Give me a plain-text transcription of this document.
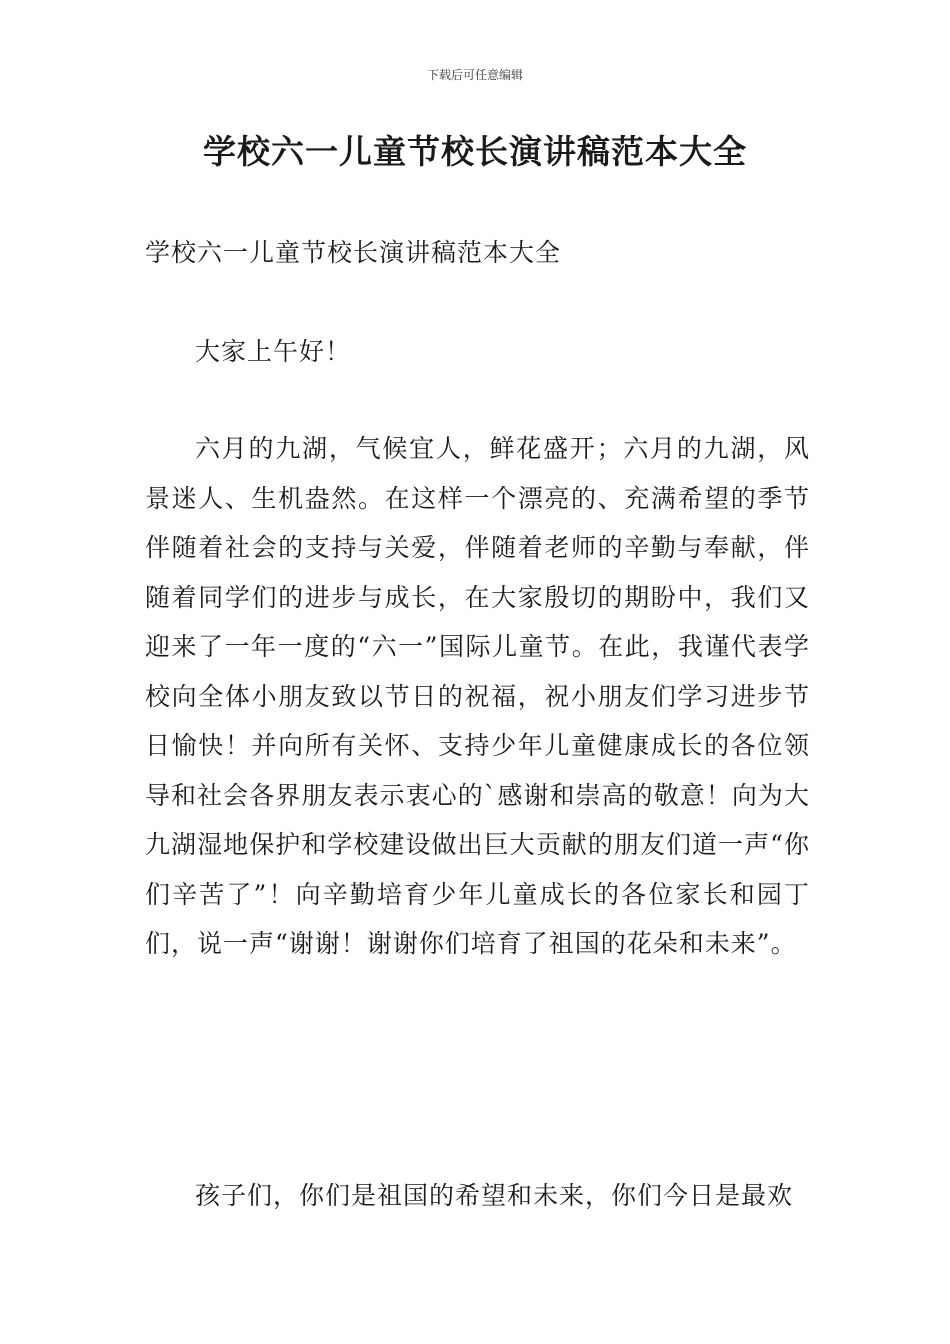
下载后可任意编辑
学校六一儿童节校长演讲稿范本大全
学校六一儿童节校长演讲稿范本大全
大家上午好！
六月的九湖，气候宜人，鲜花盛开；六月的九湖，风景迷人、生机盎然。在这样一个漂亮的、充满希望的季节伴随着社会的支持与关爱，伴随着老师的辛勤与奉献，伴随着同学们的进步与成长，在大家殷切的期盼中，我们又迎来了一年一度的“六一”国际儿童节。在此，我谨代表学校向全体小朋友致以节日的祝福，祝小朋友们学习进步节日愉快！并向所有关怀、支持少年儿童健康成长的各位领导和社会各界朋友表示衷心的`感谢和崇高的敬意！向为大九湖湿地保护和学校建设做出巨大贡献的朋友们道一声“你们辛苦了”！向辛勤培育少年儿童成长的各位家长和园丁们，说一声“谢谢！谢谢你们培育了祖国的花朵和未来”。
孩子们，你们是祖国的希望和未来，你们今日是最欢
